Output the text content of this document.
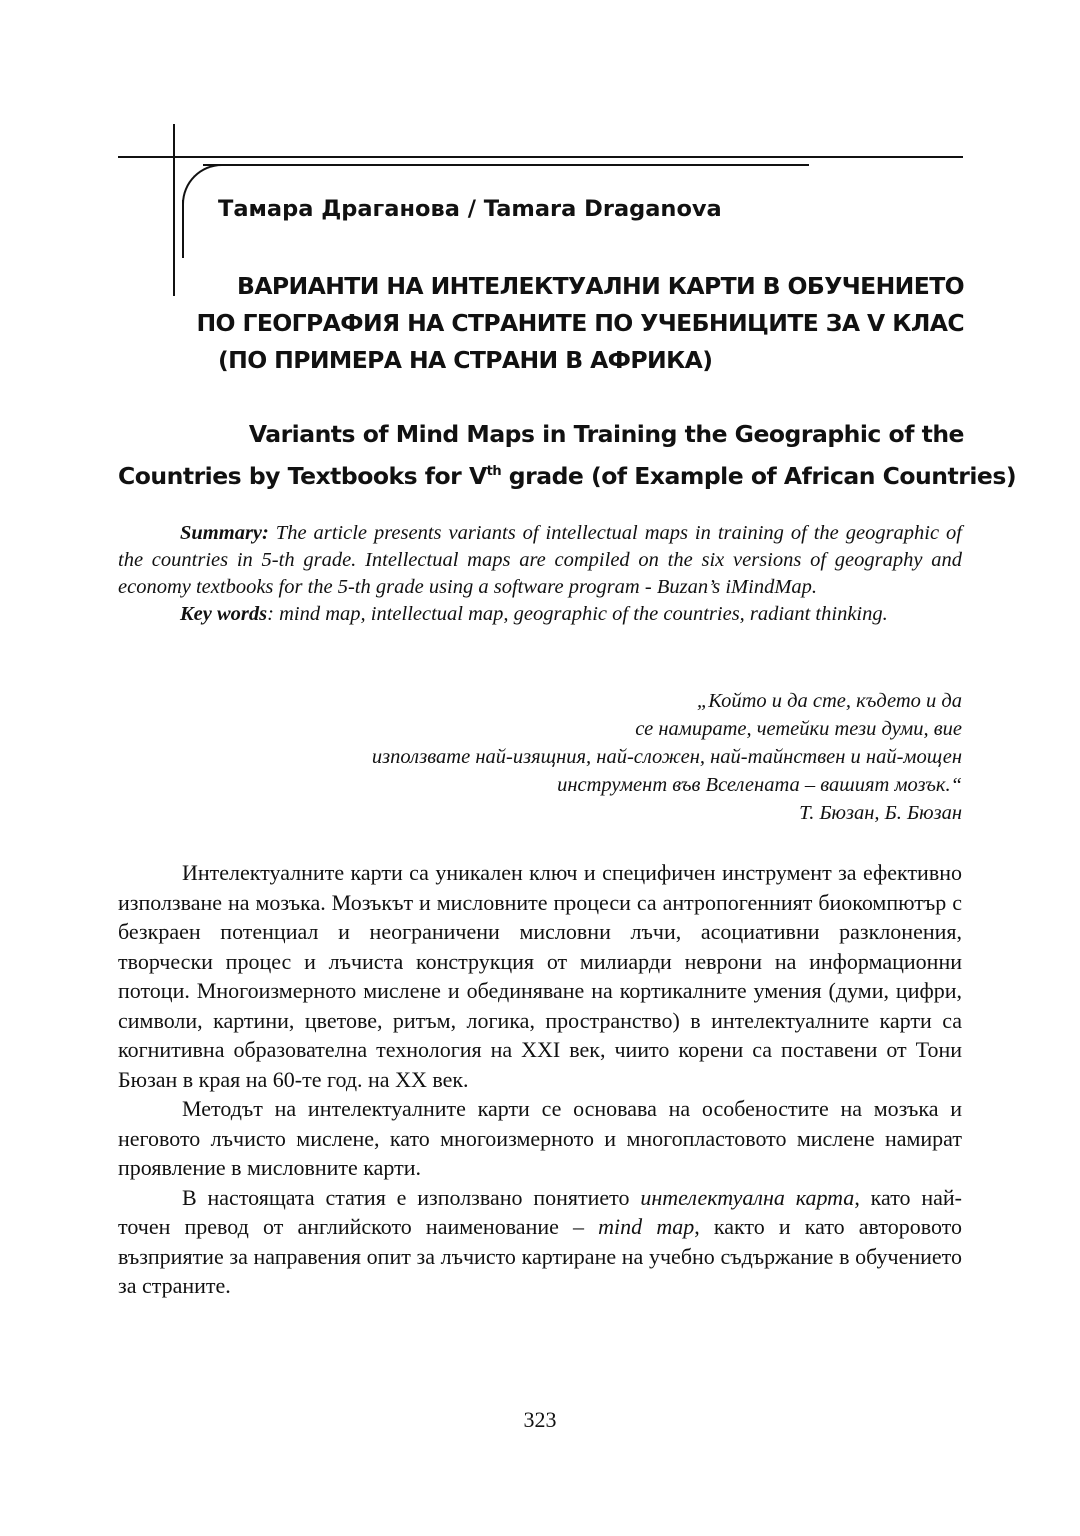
Тамара Драганова / Tamara Draganova
ВАРИАНТИ НА ИНТЕЛЕКТУАЛНИ КАРТИ В ОБУЧЕНИЕТО
ПО ГЕОГРАФИЯ НА СТРАНИТЕ ПО УЧЕБНИЦИТЕ ЗА V КЛАС
(ПО ПРИМЕРА НА СТРАНИ В АФРИКА)
Variants of Mind Maps in Training the Geographic of the
Countries by Textbooks for Vth grade (of Example of African Countries)

Summary: The article presents variants of intellectual maps in training of the geographic of the countries in 5-th grade. Intellectual maps are compiled on the six versions of geography and economy textbooks for the 5-th grade using a software program - Buzan’s iMindMap.

Key words: mind map, intellectual map, geographic of the countries, radiant thinking.

„Който и да сте, където и да
се намирате, четейки тези думи, вие
използвате най-изящния, най-сложен, най-тайнствен и най-мощен
инструмент във Вселената – вашият мозък.“
Т. Бюзан, Б. Бюзан

Интелектуалните карти са уникален ключ и специфичен инструмент за ефективно използване на мозъка. Мозъкът и мисловните процеси са антропогенният биокомпютър с безкраен потенциал и неограничени мисловни лъчи, асоциативни разклонения, творчески процес и лъчиста конструкция от милиарди неврони на информационни потоци. Многоизмерното мислене и обединяване на кортикалните умения (думи, цифри, символи, картини, цветове, ритъм, логика, пространство) в интелектуалните карти са когнитивна образователна технология на XXI век, чиито корени са поставени от Тони Бюзан в края на 60-те год. на XX век.

Методът на интелектуалните карти се основава на особеностите на мозъка и неговото лъчисто мислене, като многоизмерното и многопластовото мислене намират проявление в мисловните карти.

В настоящата статия е използвано понятието интелектуална карта, като най-точен превод от английското наименование – mind map, както и като авторовото възприятие за направения опит за лъчисто картиране на учебно съдържание в обучението за страните.

323
